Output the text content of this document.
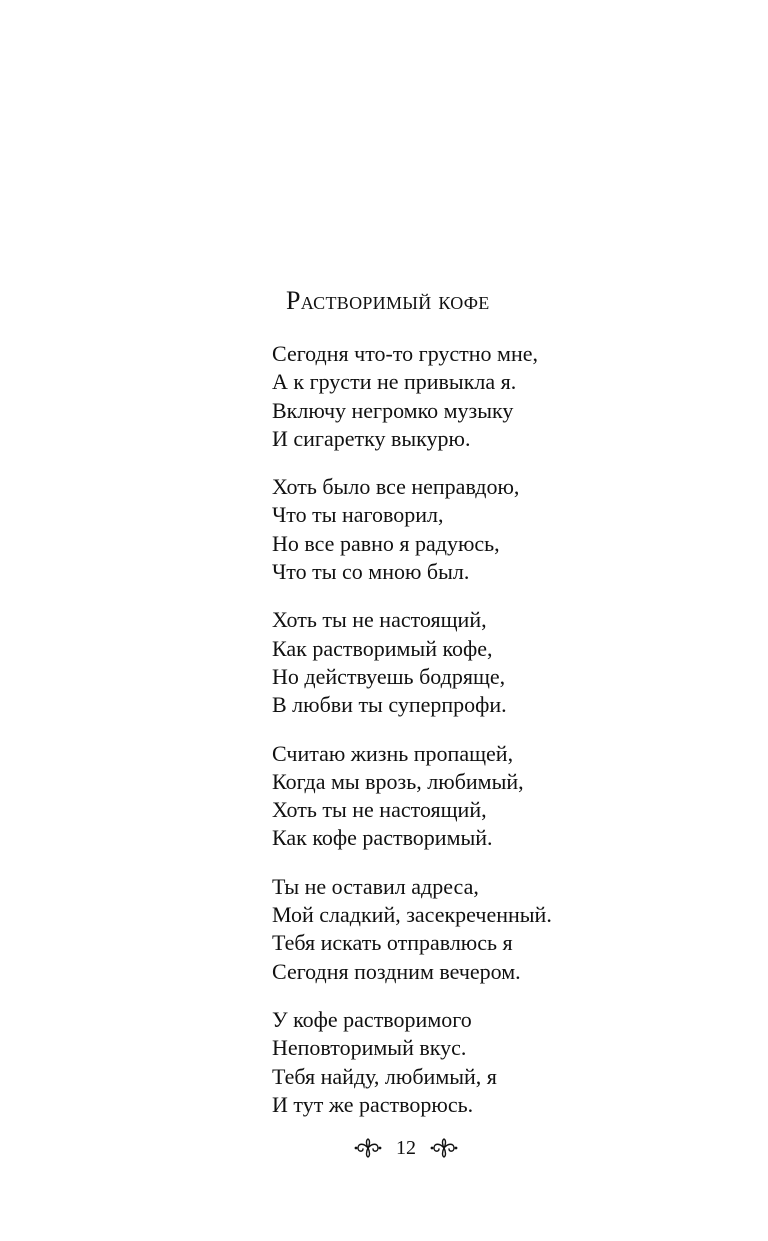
Растворимый кофе
Сегодня что-то грустно мне,
А к грусти не привыкла я.
Включу негромко музыку
И сигаретку выкурю.
Хоть было все неправдою,
Что ты наговорил,
Но все равно я радуюсь,
Что ты со мною был.
Хоть ты не настоящий,
Как растворимый кофе,
Но действуешь бодряще,
В любви ты суперпрофи.
Считаю жизнь пропащей,
Когда мы врозь, любимый,
Хоть ты не настоящий,
Как кофе растворимый.
Ты не оставил адреса,
Мой сладкий, засекреченный.
Тебя искать отправлюсь я
Сегодня поздним вечером.
У кофе растворимого
Неповторимый вкус.
Тебя найду, любимый, я
И тут же растворюсь.
12
